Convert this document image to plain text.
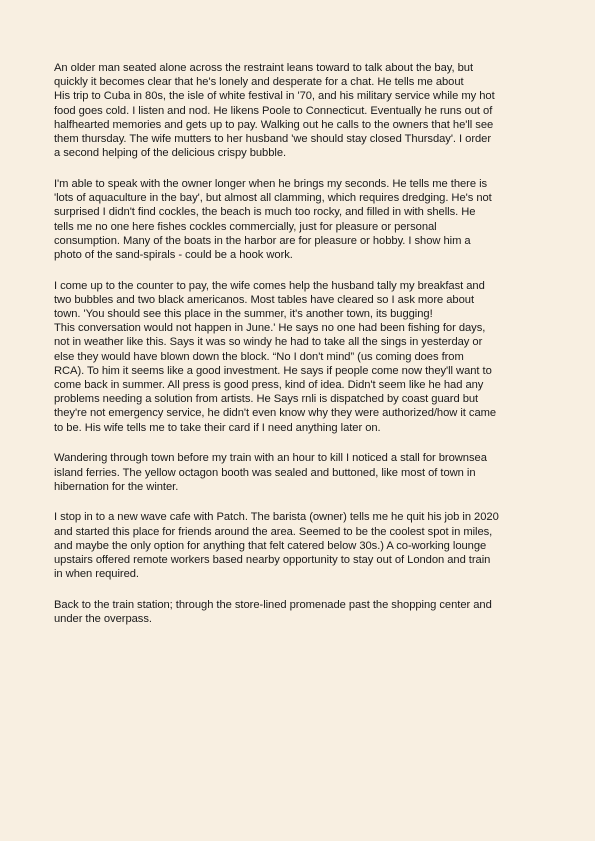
An older man seated alone across the restraint leans toward to talk about the bay, but
quickly it becomes clear that he's lonely and desperate for a chat. He tells me about
His trip to Cuba in 80s, the isle of white festival in '70, and his military service while my hot
food goes cold. I listen and nod. He likens Poole to Connecticut. Eventually he runs out of
halfhearted memories and gets up to pay. Walking out he calls to the owners that he'll see
them thursday. The wife mutters to her husband 'we should stay closed Thursday'. I order
a second helping of the delicious crispy bubble.
I'm able to speak with the owner longer when he brings my seconds. He tells me there is
'lots of aquaculture in the bay', but almost all clamming, which requires dredging. He's not
surprised I didn't find cockles, the beach is much too rocky, and filled in with shells. He
tells me no one here fishes cockles commercially, just for pleasure or personal
consumption. Many of the boats in the harbor are for pleasure or hobby. I show him a
photo of the sand-spirals - could be a hook work.
I come up to the counter to pay, the wife comes help the husband tally my breakfast and
two bubbles and two black americanos. Most tables have cleared so I ask more about
town. 'You should see this place in the summer, it's another town, its bugging!
This conversation would not happen in June.' He says no one had been fishing for days,
not in weather like this. Says it was so windy he had to take all the sings in yesterday or
else they would have blown down the block. “No I don't mind” (us coming does from
RCA). To him it seems like a good investment. He says if people come now they'll want to
come back in summer. All press is good press, kind of idea. Didn't seem like he had any
problems needing a solution from artists. He Says rnli is dispatched by coast guard but
they're not emergency service, he didn't even know why they were authorized/how it came
to be. His wife tells me to take their card if I need anything later on.
Wandering through town before my train with an hour to kill I noticed a stall for brownsea
island ferries. The yellow octagon booth was sealed and buttoned, like most of town in
hibernation for the winter.
I stop in to a new wave cafe with Patch. The barista (owner) tells me he quit his job in 2020
and started this place for friends around the area. Seemed to be the coolest spot in miles,
and maybe the only option for anything that felt catered below 30s.) A co-working lounge
upstairs offered remote workers based nearby opportunity to stay out of London and train
in when required.
Back to the train station; through the store-lined promenade past the shopping center and
under the overpass.
